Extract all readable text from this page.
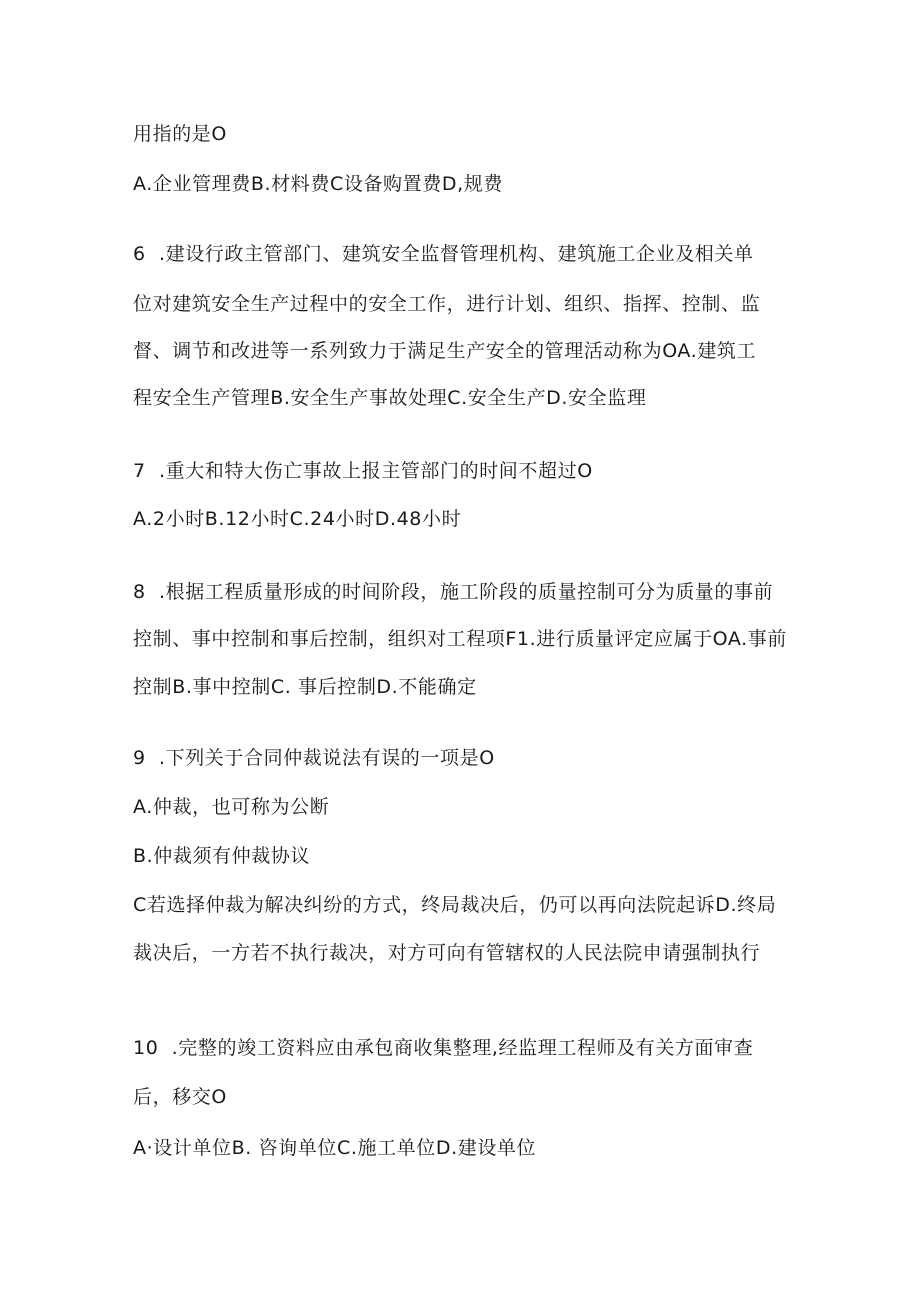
用指的是O
A.企业管理费B.材料费C设备购置费D,规费
6  .建设行政主管部门、建筑安全监督管理机构、建筑施工企业及相关单
位对建筑安全生产过程中的安全工作，进行计划、组织、指挥、控制、监
督、调节和改进等一系列致力于满足生产安全的管理活动称为OA.建筑工
程安全生产管理B.安全生产事故处理C.安全生产D.安全监理
7  .重大和特大伤亡事故上报主管部门的时间不超过O
A.2小时B.12小时C.24小时D.48小时
8  .根据工程质量形成的时间阶段，施工阶段的质量控制可分为质量的事前
控制、事中控制和事后控制，组织对工程项F1.进行质量评定应属于OA.事前
控制B.事中控制C. 事后控制D.不能确定
9  .下列关于合同仲裁说法有误的一项是O
A.仲裁，也可称为公断
B.仲裁须有仲裁协议
C若选择仲裁为解决纠纷的方式，终局裁决后，仍可以再向法院起诉D.终局
裁决后，一方若不执行裁决，对方可向有管辖权的人民法院申请强制执行
10  .完整的竣工资料应由承包商收集整理,经监理工程师及有关方面审查
后，移交O
A·设计单位B. 咨询单位C.施工单位D.建设单位
